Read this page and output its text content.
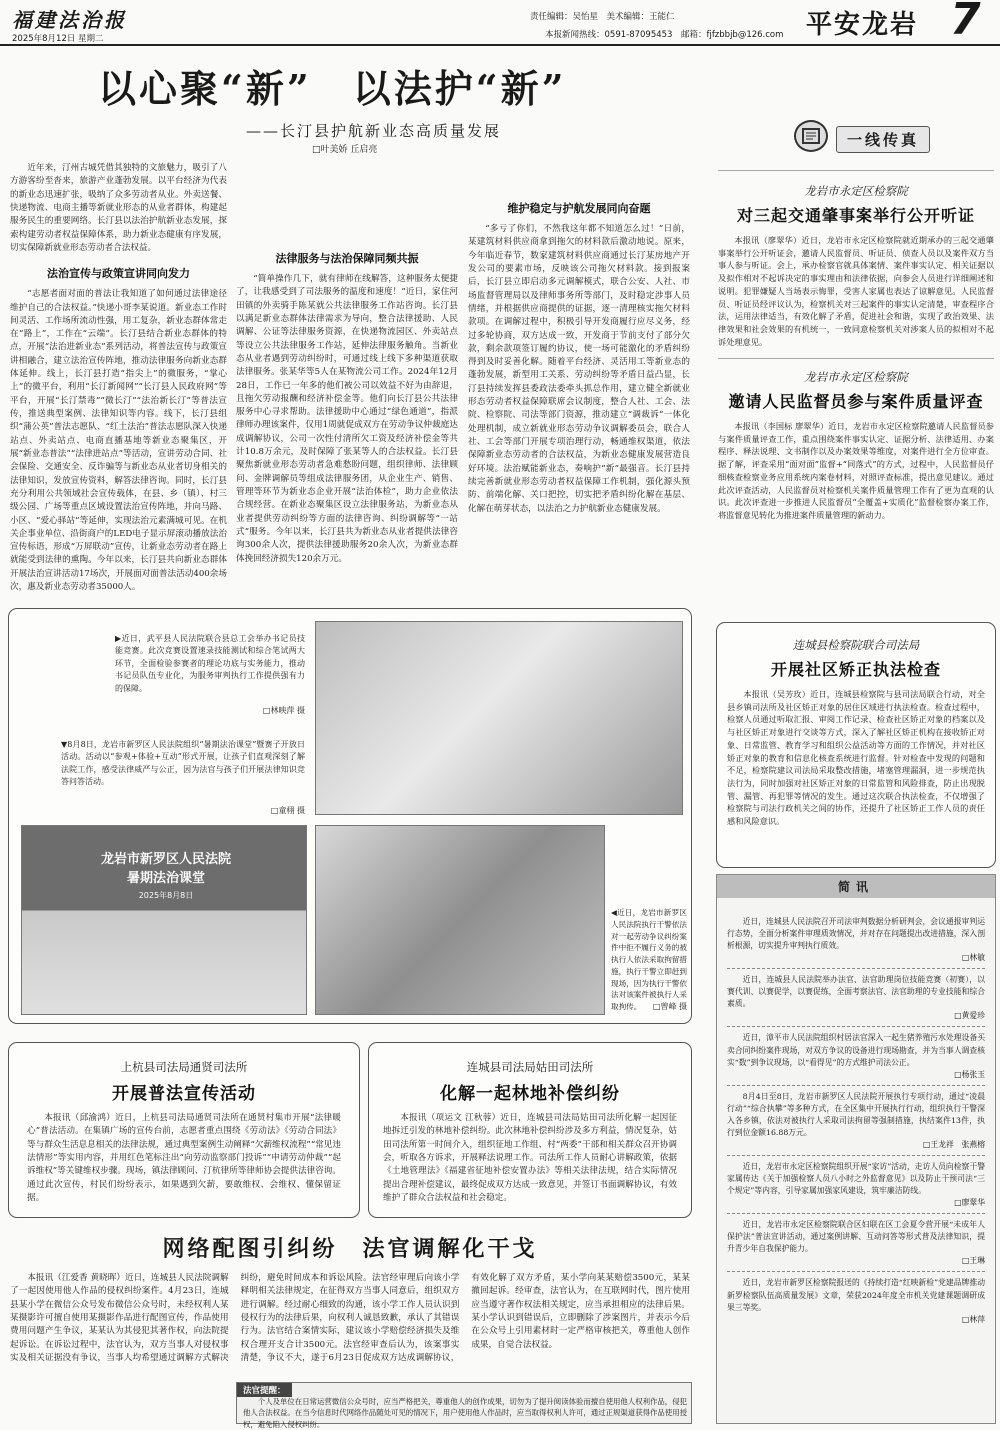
福建法治报
2025年8月12日 星期二
责任编辑：吴怡星　美术编辑：王能仁
本报新闻热线：0591-87095453　邮箱：fjfzbbjb@126.com 平安龙岩 7
以心聚“新”　以法护“新”
——长汀县护航新业态高质量发展
□叶美娇 丘启亮

近年来，汀州古城凭借其独特的文旅魅力，吸引了八方游客纷至沓来，旅游产业蓬勃发展。以平台经济为代表的新业态迅速扩张，吸纳了众多劳动者从业。外卖送餐、快递物流、电商主播等新就业形态的从业者群体，构建起服务民生的重要网络。长汀县以法治护航新业态发展，探索构建劳动者权益保障体系，助力新业态健康有序发展，切实保障新就业形态劳动者合法权益。

法治宣传与政策宣讲同向发力

“志愿者面对面的普法让我知道了如何通过法律途径维护自己的合法权益。”快递小哥李某说道。新业态工作时间灵活、工作场所流动性强，用工复杂，新业态群体常走在“路上”，工作在“云端”。长汀县结合新业态群体的特点，开展“法治进新业态”系列活动，将普法宣传与政策宣讲相融合，建立法治宣传阵地，推动法律服务向新业态群体延伸。线上，长汀县打造“指尖上”的微服务，“掌心上”的微平台，利用“长汀新闻网”“长汀县人民政府网”等平台，开展“长汀禁毒”“微长汀”“法治新长汀”等普法宣传，推送典型案例、法律知识等内容。线下，长汀县组织“蒲公英”普法志愿队、“红土法治”普法志愿队深入快递站点、外卖站点、电商直播基地等新业态聚集区，开展“新业态普法”“法律进站点”等活动，宣讲劳动合同、社会保险、交通安全、反诈骗等与新业态从业者切身相关的法律知识，发放宣传资料，解答法律咨询。同时，长汀县充分利用公共领域社会宣传载体，在县、乡（镇）、村三级公园、广场等重点区域设置法治宣传阵地，并向马路、小区、“爱心驿站”等延伸，实现法治元素满城可见。在机关企事业单位、沿街商户的LED电子显示屏滚动播放法治宣传标语，形成“万屏联动”宣传，让新业态劳动者在路上就能受到法律的熏陶。今年以来，长汀县共向新业态群体开展法治宣讲活动17场次，开展面对面普法活动400余场次，惠及新业态劳动者35000人。

法律服务与法治保障同频共振

“简单操作几下，就有律师在线解答，这种服务太便捷了，让我感受到了司法服务的温度和速度！”近日，家住河田镇的外卖骑手陈某就公共法律服务工作站咨询。长汀县以满足新业态群体法律需求为导向，整合法律援助、人民调解、公证等法律服务资源，在快递物流园区、外卖站点等设立公共法律服务工作站，延伸法律服务触角。当新业态从业者遇到劳动纠纷时，可通过线上线下多种渠道获取法律服务。张某华等5人在某物流公司工作。2024年12月28日，工作已一年多的他们被公司以效益不好为由辞退，且拖欠劳动报酬和经济补偿金等。他们向长汀县公共法律服务中心寻求帮助。法律援助中心通过“绿色通道”，指派律师办理该案件，仅用1周就促成双方在劳动争议仲裁庭达成调解协议，公司一次性付清所欠工资及经济补偿金等共计10.8万余元，及时保障了张某等人的合法权益。长汀县聚焦新就业形态劳动者急难愁盼问题，组织律师、法律顾问、金牌调解员等组成法律服务团，从企业生产、销售、管理等环节为新业态企业开展“法治体检”，助力企业依法合规经营。在新业态聚集区设立法律服务站，为新业态从业者提供劳动纠纷等方面的法律咨询、纠纷调解等“一站式”服务。今年以来，长汀县共为新业态从业者提供法律咨询300余人次，提供法律援助服务20余人次，为新业态群体挽回经济损失120余万元。

维护稳定与护航发展同向奋题

“多亏了你们，不然我这年都不知道怎么过！”日前，某建筑材料供应商拿到拖欠的材料款后激动地说。原来，今年临近春节，数家建筑材料供应商通过长汀某房地产开发公司的要素市场，反映该公司拖欠材料款。接到报案后，长汀县立即启动多元调解模式，联合公安、人社、市场监督管理局以及律师事务所等部门，及时稳定涉事人员情绪，并根据供应商提供的证据，逐一清理核实拖欠材料款项。在调解过程中，积极引导开发商履行应尽义务，经过多轮协商，双方达成一致，开发商于节前支付了部分欠款，剩余款项签订履约协议，使一场可能激化的矛盾纠纷得到及时妥善化解。随着平台经济、灵活用工等新业态的蓬勃发展，新型用工关系、劳动纠纷等矛盾日益凸显，长汀县持续发挥县委政法委牵头抓总作用，建立健全新就业形态劳动者权益保障联席会议制度，整合人社、工会、法院、检察院、司法等部门资源，推动建立“调裁诉”一体化处理机制，成立新就业形态劳动争议调解委员会，联合人社、工会等部门开展专项治理行动，畅通维权渠道，依法保障新业态劳动者的合法权益，为新业态健康发展营造良好环境。法治赋能新业态，奏响护“新”最强音。长汀县持续完善新就业形态劳动者权益保障工作机制，强化源头预防、前端化解、关口把控，切实把矛盾纠纷化解在基层、化解在萌芽状态，以法治之力护航新业态健康发展。

▶近日，武平县人民法院联合县总工会举办书记员技能竞赛。此次竞赛设置速录技能测试和综合笔试两大环节，全面检验参赛者的理论功底与实务能力，推动书记员队伍专业化，为服务审判执行工作提供强有力的保障。
□林映萍 摄
▼8月8日，龙岩市新罗区人民法院组织“暑期法治课堂”暨赛子开放日活动。活动以“参观+体验+互动”形式开展，让孩子们直观深刻了解法院工作，感受法律威严与公正，因为法官与孩子们开展法律知识竞答问答活动。
□童栩 摄
龙岩市新罗区人民法院
暑期法治课堂
2025年8月8日
◀近日，龙岩市新罗区人民法院执行干警依法对一起劳动争议纠纷案件中拒不履行义务的被执行人依法采取拘留措施，执行干警立即赶到现场，因为执行干警依法对该案件被执行人采取拘传。	□曾峰 摄
上杭县司法局通贤司法所
开展普法宣传活动
本报讯（邱渝鸿）近日，上杭县司法局通贤司法所在通贤村集市开展“法律暖心”普法活动。在集镇广场的宣传台前，志愿者重点围绕《劳动法》《劳动合同法》等与群众生活息息相关的法律法规，通过典型案例生动阐释“欠薪维权流程”“常见违法情形”等实用内容，并用红色笔标注出“向劳动监察部门投诉”“申请劳动仲裁”“起诉维权”等关键维权步骤。现场，镇法律顾问、汀杭律所等律师协会提供法律咨询。通过此次宣传，村民们纷纷表示，如果遇到欠薪，要敢维权、会维权、懂保留证据。
连城县司法局姑田司法所
化解一起林地补偿纠纷
本报讯（项运文 江秋蓉）近日，连城县司法局姑田司法所化解一起因征地拆迁引发的林地补偿纠纷。此次林地补偿纠纷涉及多方利益，情况复杂，姑田司法所第一时间介入，组织征地工作组、村“两委”干部和相关群众召开协调会，听取各方诉求，开展释法说理工作。司法所工作人员耐心讲解政策，依据《土地管理法》《福建省征地补偿安置办法》等相关法律法规，结合实际情况提出合理补偿建议，最终促成双方达成一致意见，并签订书面调解协议，有效维护了群众合法权益和社会稳定。
网络配图引纠纷　法官调解化干戈
本报讯（江爱香 黄晓晖）近日，连城县人民法院调解了一起因使用他人作品的侵权纠纷案件。4月23日，连城县某小学在微信公众号发布微信公众号时，未经权利人某某摄影许可擅自使用某摄影作品进行配图宣传，作品使用费用问题产生争议，某某认为其侵犯其著作权，向法院提起诉讼。在诉讼过程中，法官认为，双方当事人对侵权事实及相关证据没有争议，当事人均希望通过调解方式解决纠纷，避免时间成本和诉讼风险。法官经审理后向该小学释明相关法律规定，在征得双方当事人同意后，组织双方进行调解。经过耐心细致的沟通，该小学工作人员认识到侵权行为的法律后果，向权利人诚恳致歉，承认了其错误行为。法官结合案情实际，建议该小学赔偿经济损失及维权合理开支合计3500元。法官经审查后认为，该案事实清楚，争议不大，遂于6月23日促成双方达成调解协议，有效化解了双方矛盾，某小学向某某赔偿3500元，某某撤回起诉。经审查，法官认为，在互联网时代，图片使用应当遵守著作权法相关规定，应当承担相应的法律后果。某小学认识到错误后，立即删除了涉案图片，并表示今后在公众号上引用素材时一定严格审核把关，尊重他人创作成果，自觉合法权益。
法官提醒：
个人及单位在日常运营微信公众号时，应当严格把关，尊重他人的创作成果，切勿为了提升阅读体验而擅自使用他人权利作品，侵犯他人合法权益。在当今信息时代网络作品随处可见的情况下，用户使用他人作品时，应当取得权利人许可，通过正规渠道获得作品使用授权，避免陷入侵权纠纷。
一线传真
龙岩市永定区检察院
对三起交通肇事案举行公开听证
本报讯（廖翠华）近日，龙岩市永定区检察院就近期承办的三起交通肇事案举行公开听证会，邀请人民监督员、听证员、侦查人员以及案件双方当事人参与听证。会上，承办检察官就具体案情、案件事实认定、相关证据以及拟作相对不起诉决定的事实理由和法律依据，向参会人员进行详细阐述和说明。犯罪嫌疑人当场表示悔罪，受害人家属也表达了谅解意见。人民监督员、听证员经评议认为，检察机关对三起案件的事实认定清楚，审查程序合法，运用法律适当，有效化解了矛盾，促进社会和谐，实现了政治效果、法律效果和社会效果的有机统一，一致同意检察机关对涉案人员的拟相对不起诉处理意见。
龙岩市永定区检察院
邀请人民监督员参与案件质量评查
本报讯（李国标 廖翠华）近日，龙岩市永定区检察院邀请人民监督员参与案件质量评查工作，重点围绕案件事实认定、证据分析、法律适用、办案程序、释法说理、文书制作以及办案效果等维度，对案件进行全方位审查。据了解，评查采用“面对面”监督+“同落式”的方式，过程中，人民监督员仔细核查检察业务应用系统内案卷材料，对照评查标准，提出意见建议。通过此次评查活动，人民监督员对检察机关案件质量管理工作有了更为直观的认识。此次评查进一步推进人民监督员“全覆盖+实质化”监督检察办案工作，将监督意见转化为推进案件质量管理的新动力。
连城县检察院联合司法局
开展社区矫正执法检查
本报讯（吴芳玫）近日，连城县检察院与县司法局联合行动，对全县乡镇司法所及社区矫正对象的居住区域进行执法检查。检查过程中，检察人员通过听取汇报、审阅工作记录、检查社区矫正对象的档案以及与社区矫正对象进行交谈等方式，深入了解社区矫正机构在接收矫正对象、日常监管、教育学习和组织公益活动等方面的工作情况，并对社区矫正对象的教育和信息化核查系统进行监督。针对检查中发现的问题和不足，检察院建议司法局采取整改措施，堵塞管理漏洞，进一步规范执法行为，同时加强对社区矫正对象的日常监管和风险排查，防止出现脱管、漏管、再犯罪等情况的发生。通过这次联合执法检查，不仅增强了检察院与司法行政机关之间的协作，还提升了社区矫正工作人员的责任感和风险意识。
简讯
近日，连城县人民法院召开司法审判数据分析研判会，会议通报审判运行态势，全面分析案件审理质效情况，并对存在问题提出改进措施，深入剖析根源，切实提升审判执行质效。
□林敏
近日，连城县人民法院举办法官、法官助理岗位技能竞赛（初赛），以赛代训、以赛促学，以赛促练，全面考察法官、法官助理的专业技能和综合素质。
□黄爱珍
近日，漳平市人民法院组织村居法官深入一起生猪养殖污水处理设备买卖合同纠纷案件现场，对双方争议的设备进行现场勘查，并为当事人调查核实“数”到争议现场，以“看得见”的方式维护司法公正。
□杨张玉
8月4日至8日，龙岩市新罗区人民法院开展执行专项行动，通过“凌晨行动”“综合执攀”等多种方式，在全区集中开展执行行动，组织执行干警深入各乡镇，依法对被执行人采取司法拘留等强制措施，执结案件13件，执行到位金额16.88万元。
□王龙祥　张燕榕
近日，龙岩市永定区检察院组织开展“家访”活动，走访人员向检察干警家属传达《关于加强检察人员八小时之外监督意见》以及防止干预司法“三个规定”等内容，引导家属加强家风建设，筑牢廉洁防线。
□廖翠华
近日，龙岩市永定区检察院联合区妇联在区工会夏令营开展“未成年人保护法”普法宣讲活动，通过案例讲解、互动问答等形式普及法律知识，提升青少年自我保护能力。
□王琳
近日，龙岩市新罗区检察院报送的《持续打造“红映新检”党建品牌推动新罗检察队伍高质量发展》文章，荣获2024年度全市机关党建课题调研成果三等奖。
□林萍
